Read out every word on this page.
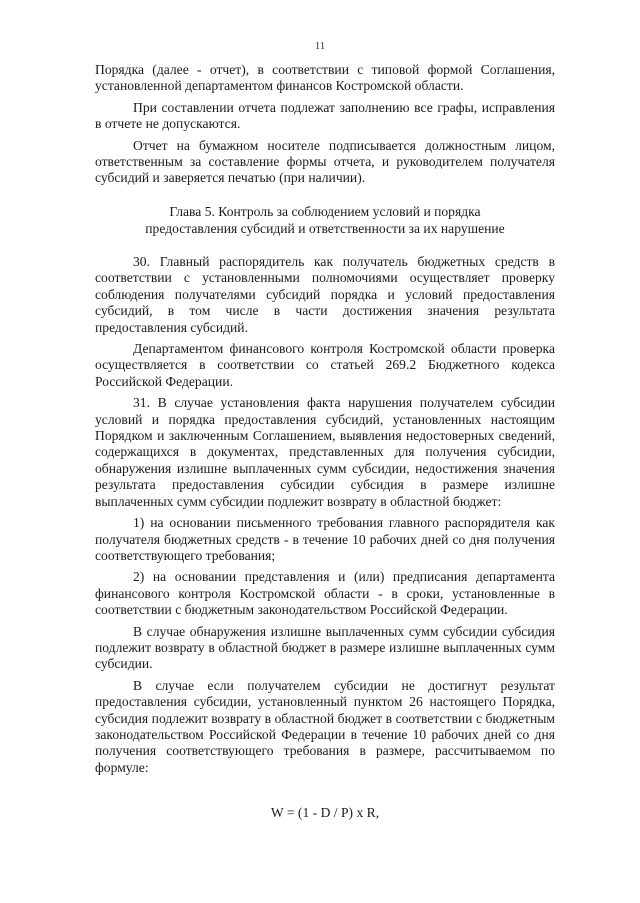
11

Порядка (далее - отчет), в соответствии с типовой формой Соглашения, установленной департаментом финансов Костромской области.

При составлении отчета подлежат заполнению все графы, исправления в отчете не допускаются.

Отчет на бумажном носителе подписывается должностным лицом, ответственным за составление формы отчета, и руководителем получателя субсидий и заверяется печатью (при наличии).

Глава 5. Контроль за соблюдением условий и порядка

предоставления субсидий и ответственности за их нарушение

30. Главный распорядитель как получатель бюджетных средств в соответствии с установленными полномочиями осуществляет проверку соблюдения получателями субсидий порядка и условий предоставления субсидий, в том числе в части достижения значения результата предоставления субсидий.

Департаментом финансового контроля Костромской области проверка осуществляется в соответствии со статьей 269.2 Бюджетного кодекса Российской Федерации.

31. В случае установления факта нарушения получателем субсидии условий и порядка предоставления субсидий, установленных настоящим Порядком и заключенным Соглашением, выявления недостоверных сведений, содержащихся в документах, представленных для получения субсидии, обнаружения излишне выплаченных сумм субсидии, недостижения значения результата предоставления субсидии субсидия в размере излишне выплаченных сумм субсидии подлежит возврату в областной бюджет:

1) на основании письменного требования главного распорядителя как получателя бюджетных средств - в течение 10 рабочих дней со дня получения соответствующего требования;

2) на основании представления и (или) предписания департамента финансового контроля Костромской области - в сроки, установленные в соответствии с бюджетным законодательством Российской Федерации.

В случае обнаружения излишне выплаченных сумм субсидии субсидия подлежит возврату в областной бюджет в размере излишне выплаченных сумм субсидии.

В случае если получателем субсидии не достигнут результат предоставления субсидии, установленный пунктом 26 настоящего Порядка, субсидия подлежит возврату в областной бюджет в соответствии с бюджетным законодательством Российской Федерации в течение 10 рабочих дней со дня получения соответствующего требования в размере, рассчитываемом по формуле:

W = (1 - D / P) x R,
